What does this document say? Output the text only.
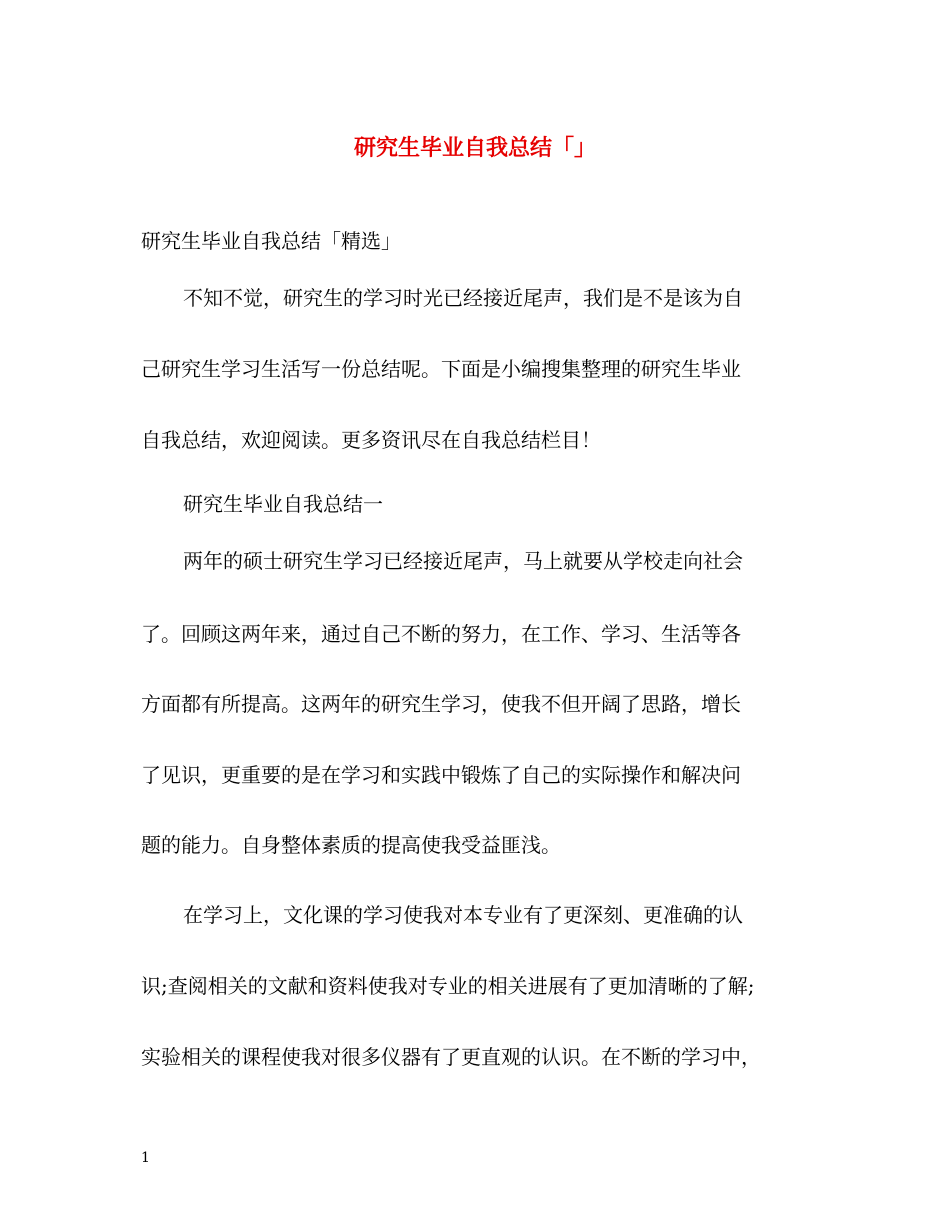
研究生毕业自我总结「」
研究生毕业自我总结「精选」
不知不觉，研究生的学习时光已经接近尾声，我们是不是该为自
己研究生学习生活写一份总结呢。下面是小编搜集整理的研究生毕业
自我总结，欢迎阅读。更多资讯尽在自我总结栏目！
研究生毕业自我总结一
两年的硕士研究生学习已经接近尾声，马上就要从学校走向社会
了。回顾这两年来，通过自己不断的努力，在工作、学习、生活等各
方面都有所提高。这两年的研究生学习，使我不但开阔了思路，增长
了见识，更重要的是在学习和实践中锻炼了自己的实际操作和解决问
题的能力。自身整体素质的提高使我受益匪浅。
在学习上，文化课的学习使我对本专业有了更深刻、更准确的认
识;查阅相关的文献和资料使我对专业的相关进展有了更加清晰的了解;
实验相关的课程使我对很多仪器有了更直观的认识。在不断的学习中，
1
